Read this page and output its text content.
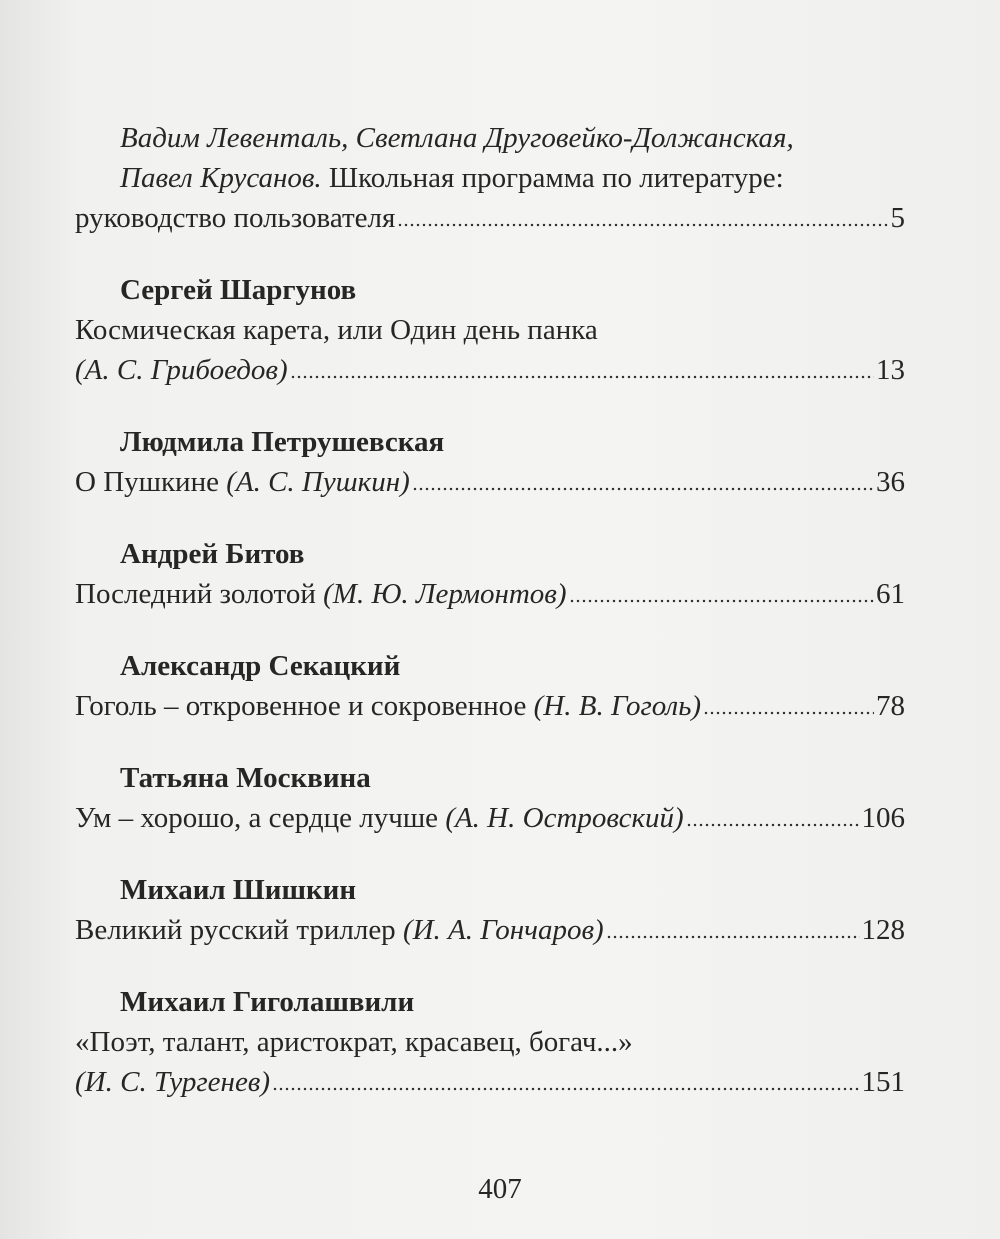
Вадим Левенталь, Светлана Друговейко-Должанская,
Павел Крусанов. Школьная программа по литературе:
руководство пользователя	5
Сергей Шаргунов
Космическая карета, или Один день панка
(А. С. Грибоедов)	13
Людмила Петрушевская
О Пушкине (А. С. Пушкин)	36
Андрей Битов
Последний золотой (М. Ю. Лермонтов)	61
Александр Секацкий
Гоголь – откровенное и сокровенное (Н. В. Гоголь)	78
Татьяна Москвина
Ум – хорошо, а сердце лучше (А. Н. Островский)	106
Михаил Шишкин
Великий русский триллер (И. А. Гончаров)	128
Михаил Гиголашвили
«Поэт, талант, аристократ, красавец, богач...»
(И. С. Тургенев)	151
407
